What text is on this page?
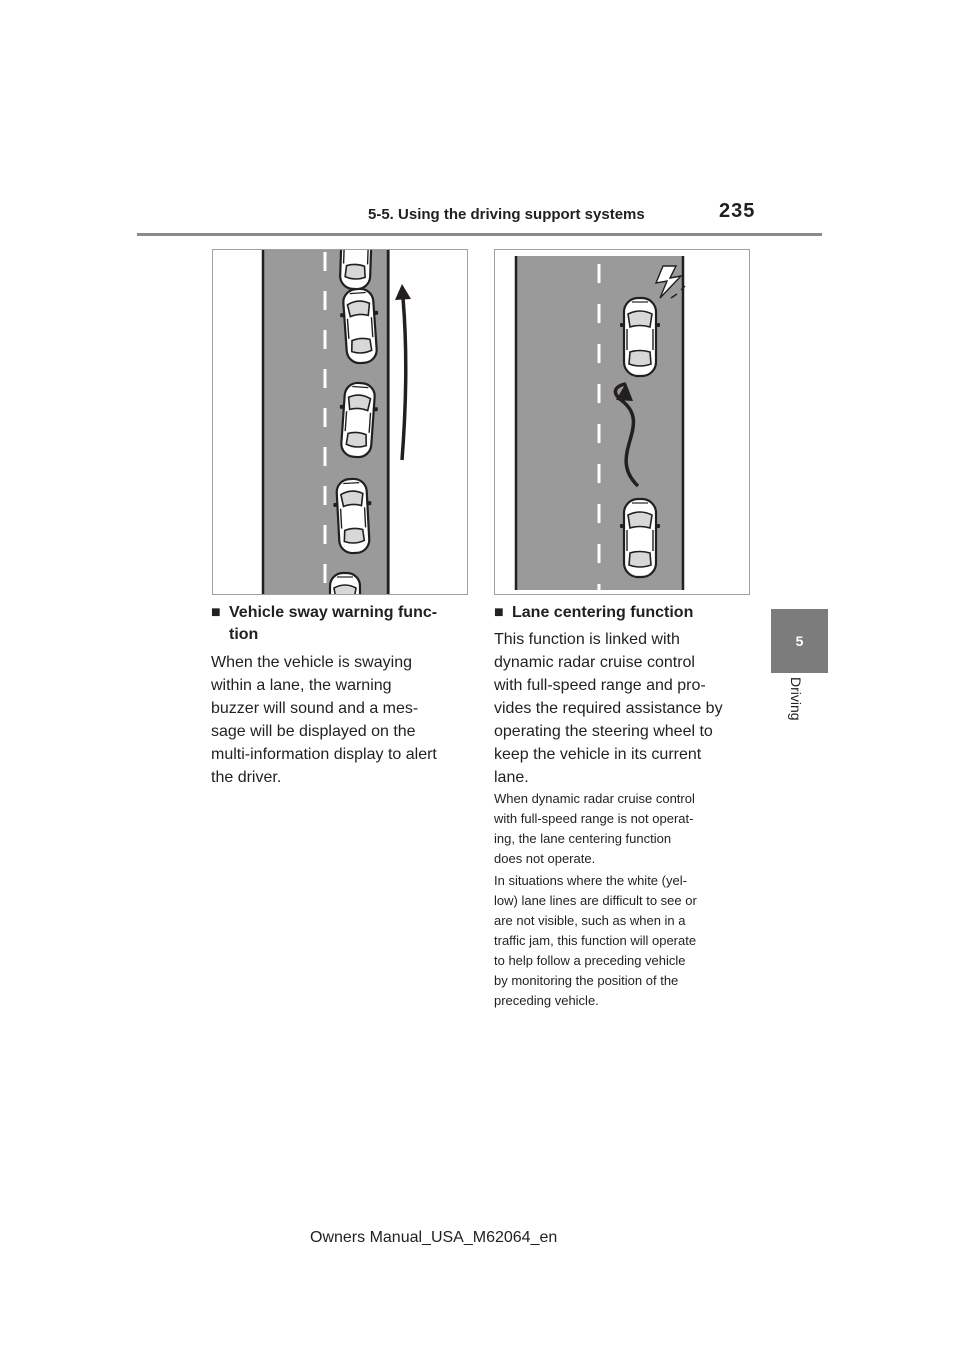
5-5. Using the driving support systems	235
5
Driving
■ Vehicle sway warning func-
tion
When the vehicle is swaying
within a lane, the warning
buzzer will sound and a mes-
sage will be displayed on the
multi-information display to alert
the driver.
■ Lane centering function
This function is linked with
dynamic radar cruise control
with full-speed range and pro-
vides the required assistance by
operating the steering wheel to
keep the vehicle in its current
lane.
When dynamic radar cruise control
with full-speed range is not operat-
ing, the lane centering function
does not operate.
In situations where the white (yel-
low) lane lines are difficult to see or
are not visible, such as when in a
traffic jam, this function will operate
to help follow a preceding vehicle
by monitoring the position of the
preceding vehicle.
Owners Manual_USA_M62064_en
